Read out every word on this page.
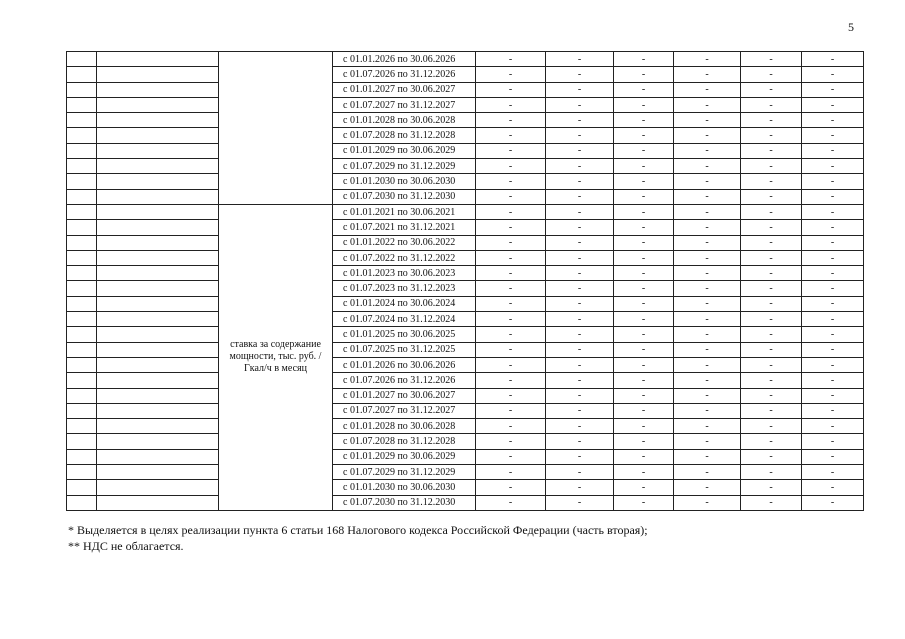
5
			с 01.01.2026 по 30.06.2026	-	-	-	-	-	-
			с 01.07.2026 по 31.12.2026	-	-	-	-	-	-
			с 01.01.2027 по 30.06.2027	-	-	-	-	-	-
			с 01.07.2027 по 31.12.2027	-	-	-	-	-	-
			с 01.01.2028 по 30.06.2028	-	-	-	-	-	-
			с 01.07.2028 по 31.12.2028	-	-	-	-	-	-
			с 01.01.2029 по 30.06.2029	-	-	-	-	-	-
			с 01.07.2029 по 31.12.2029	-	-	-	-	-	-
			с 01.01.2030 по 30.06.2030	-	-	-	-	-	-
			с 01.07.2030 по 31.12.2030	-	-	-	-	-	-
		ставка за содержание мощности, тыс. руб. /Гкал/ч в месяц	с 01.01.2021 по 30.06.2021	-	-	-	-	-	-
			с 01.07.2021 по 31.12.2021	-	-	-	-	-	-
			с 01.01.2022 по 30.06.2022	-	-	-	-	-	-
			с 01.07.2022 по 31.12.2022	-	-	-	-	-	-
			с 01.01.2023 по 30.06.2023	-	-	-	-	-	-
			с 01.07.2023 по 31.12.2023	-	-	-	-	-	-
			с 01.01.2024 по 30.06.2024	-	-	-	-	-	-
			с 01.07.2024 по 31.12.2024	-	-	-	-	-	-
			с 01.01.2025 по 30.06.2025	-	-	-	-	-	-
			с 01.07.2025 по 31.12.2025	-	-	-	-	-	-
			с 01.01.2026 по 30.06.2026	-	-	-	-	-	-
			с 01.07.2026 по 31.12.2026	-	-	-	-	-	-
			с 01.01.2027 по 30.06.2027	-	-	-	-	-	-
			с 01.07.2027 по 31.12.2027	-	-	-	-	-	-
			с 01.01.2028 по 30.06.2028	-	-	-	-	-	-
			с 01.07.2028 по 31.12.2028	-	-	-	-	-	-
			с 01.01.2029 по 30.06.2029	-	-	-	-	-	-
			с 01.07.2029 по 31.12.2029	-	-	-	-	-	-
			с 01.01.2030 по 30.06.2030	-	-	-	-	-	-
			с 01.07.2030 по 31.12.2030	-	-	-	-	-	-
* Выделяется в целях реализации пункта 6 статьи 168 Налогового кодекса Российской Федерации (часть вторая);
** НДС не облагается.
